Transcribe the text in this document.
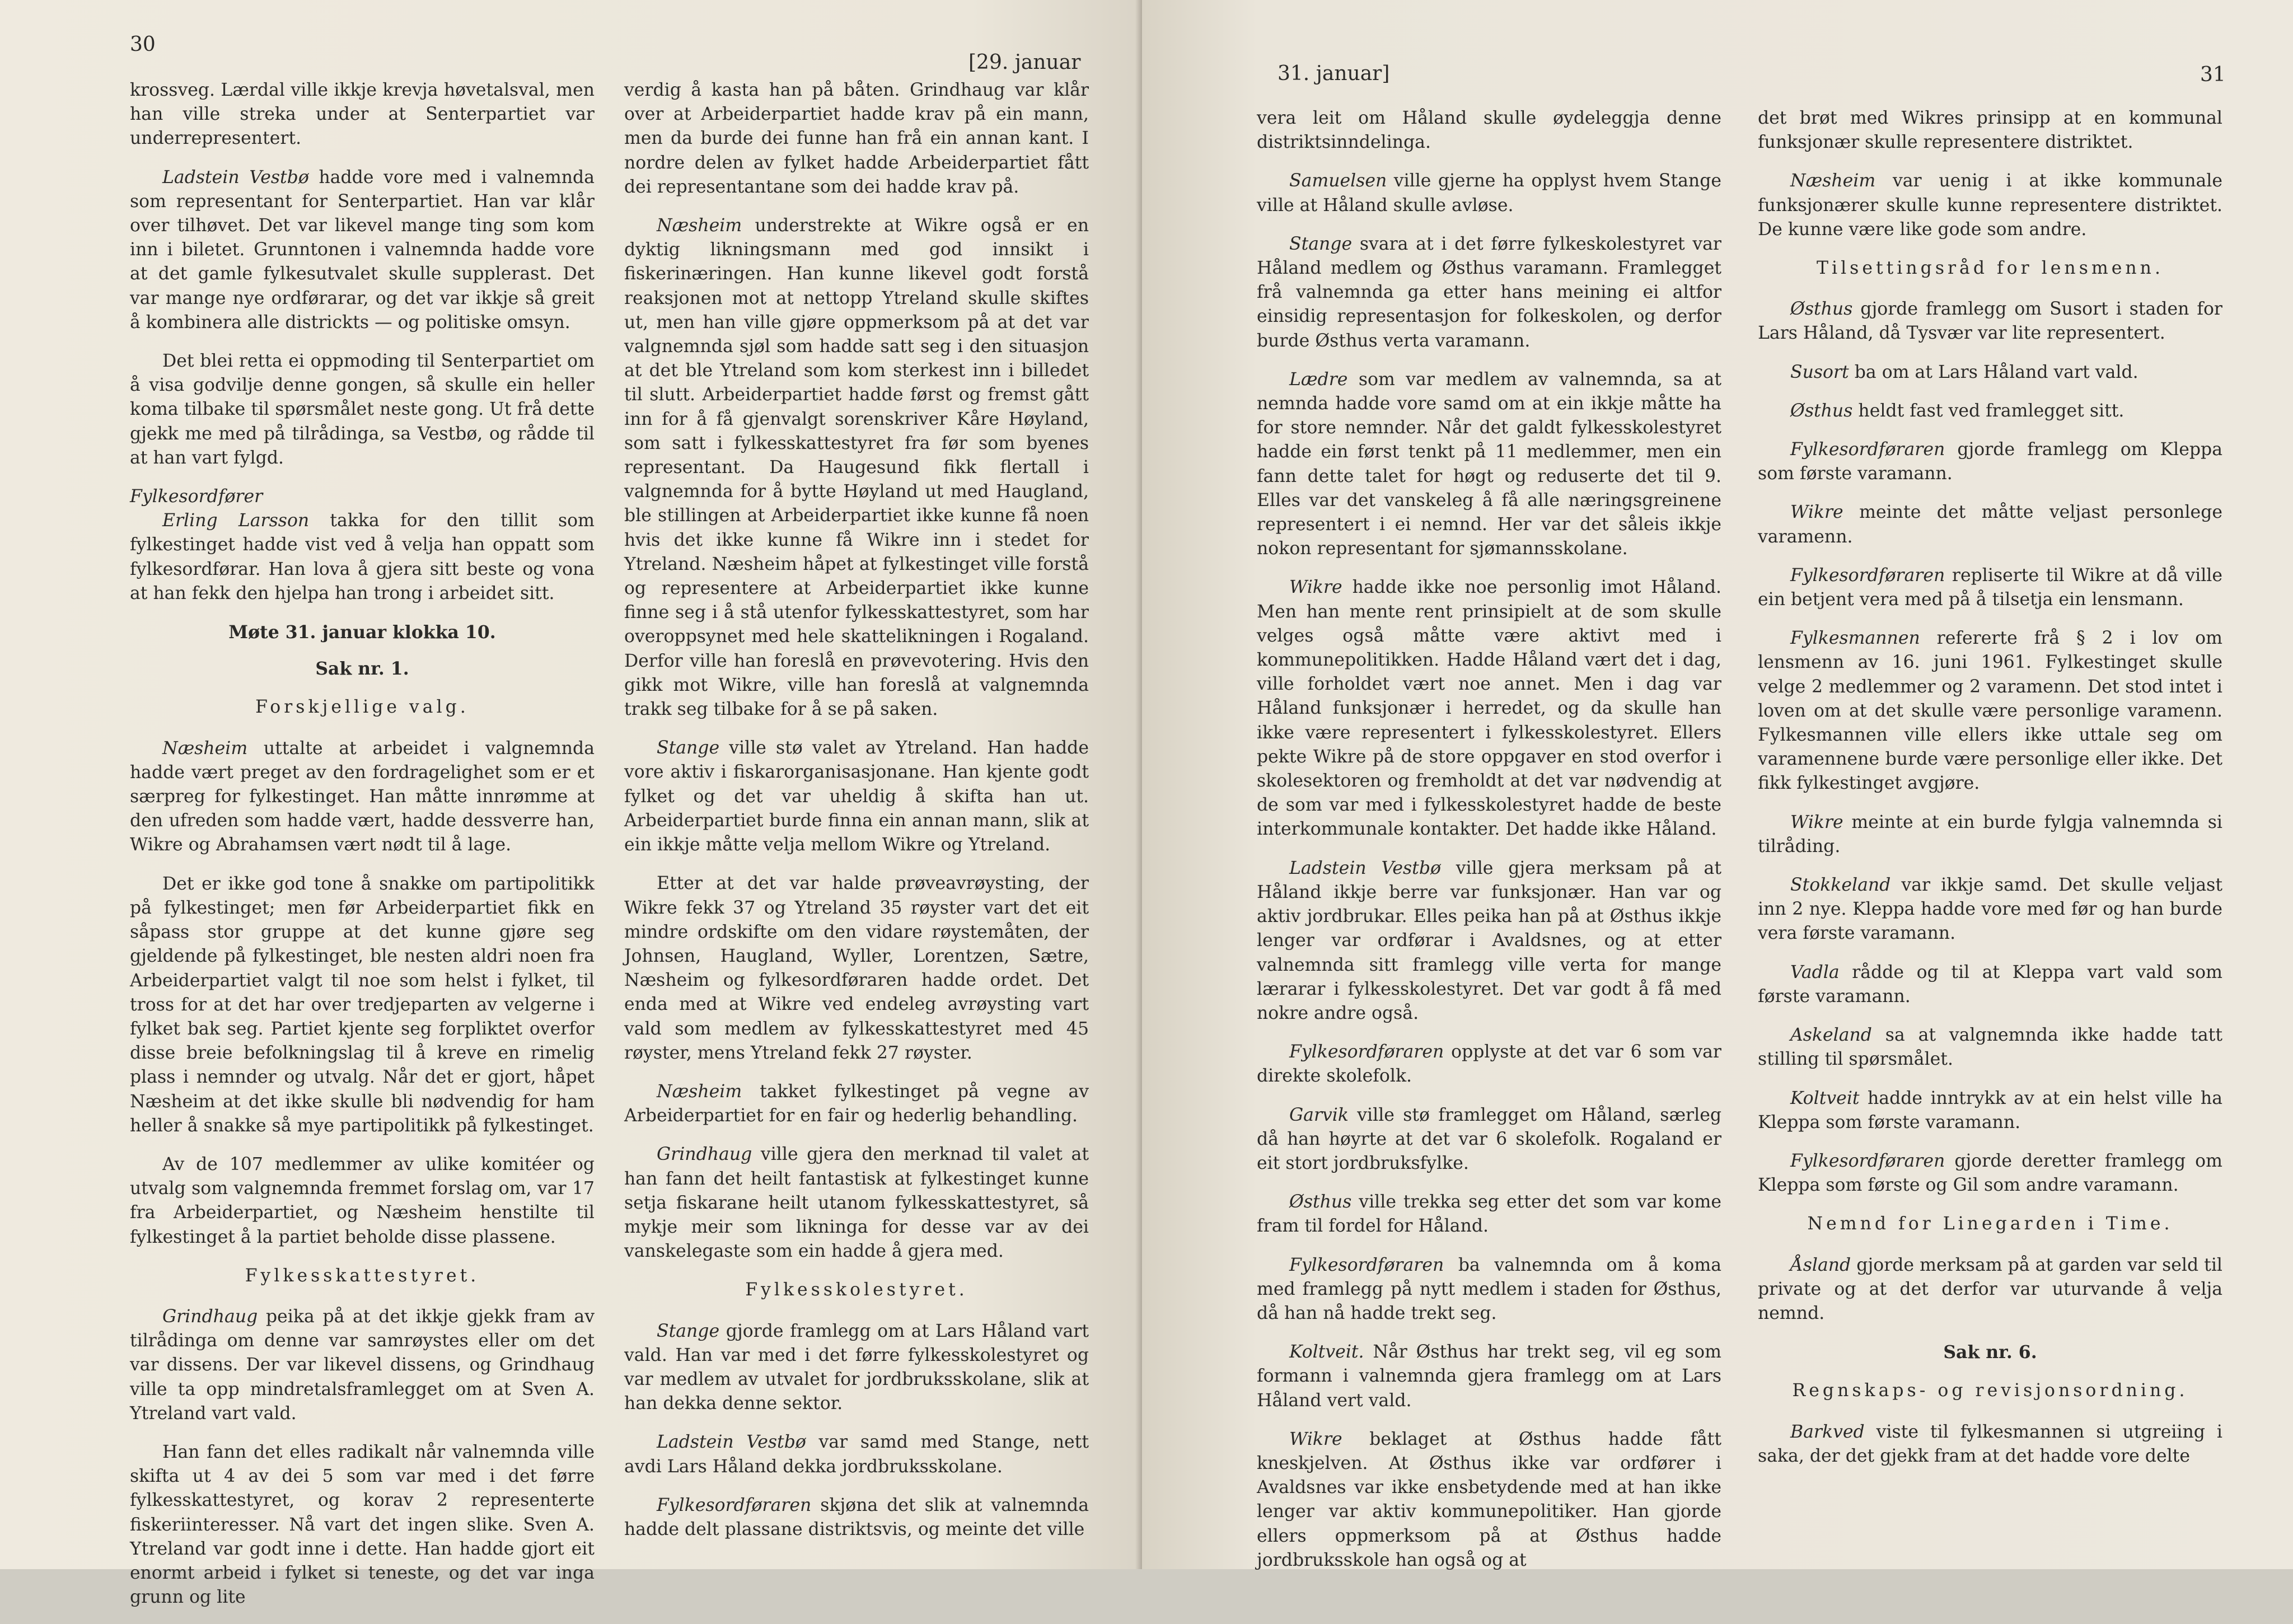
30
[29. januar

krossveg. Lærdal ville ikkje krevja høvetalsval, men han ville streka under at Senterpartiet var underrepresentert.

Ladstein Vestbø hadde vore med i valnemnda som representant for Senterpartiet. Han var klår over tilhøvet. Det var likevel mange ting som kom inn i biletet. Grunntonen i valnemnda hadde vore at det gamle fylkesutvalet skulle supplerast. Det var mange nye ordførarar, og det var ikkje så greit å kombinera alle districkts — og politiske omsyn.

Det blei retta ei oppmoding til Senterpartiet om å visa godvilje denne gongen, så skulle ein heller koma tilbake til spørsmålet neste gong. Ut frå dette gjekk me med på tilrådinga, sa Vestbø, og rådde til at han vart fylgd.

Fylkesordfører

Erling Larsson takka for den tillit som fylkestinget hadde vist ved å velja han oppatt som fylkesordførar. Han lova å gjera sitt beste og vona at han fekk den hjelpa han trong i arbeidet sitt.

Møte 31. januar klokka 10.
Sak nr. 1.
Forskjellige valg.

Næsheim uttalte at arbeidet i valgnemnda hadde vært preget av den fordragelighet som er et særpreg for fylkestinget. Han måtte innrømme at den ufreden som hadde vært, hadde dessverre han, Wikre og Abrahamsen vært nødt til å lage.

Det er ikke god tone å snakke om partipolitikk på fylkestinget; men før Arbeiderpartiet fikk en såpass stor gruppe at det kunne gjøre seg gjeldende på fylkestinget, ble nesten aldri noen fra Arbeiderpartiet valgt til noe som helst i fylket, til tross for at det har over tredjeparten av velgerne i fylket bak seg. Partiet kjente seg forpliktet overfor disse breie befolkningslag til å kreve en rimelig plass i nemnder og utvalg. Når det er gjort, håpet Næsheim at det ikke skulle bli nødvendig for ham heller å snakke så mye partipolitikk på fylkestinget.

Av de 107 medlemmer av ulike komitéer og utvalg som valgnemnda fremmet forslag om, var 17 fra Arbeiderpartiet, og Næsheim henstilte til fylkestinget å la partiet beholde disse plassene.

Fylkesskattestyret.

Grindhaug peika på at det ikkje gjekk fram av tilrådinga om denne var samrøystes eller om det var dissens. Der var likevel dissens, og Grindhaug ville ta opp mindretalsframlegget om at Sven A. Ytreland vart vald.

Han fann det elles radikalt når valnemnda ville skifta ut 4 av dei 5 som var med i det førre fylkesskattestyret, og korav 2 representerte fiskeriinteresser. Nå vart det ingen slike. Sven A. Ytreland var godt inne i dette. Han hadde gjort eit enormt arbeid i fylket si teneste, og det var inga grunn og lite

verdig å kasta han på båten. Grindhaug var klår over at Arbeiderpartiet hadde krav på ein mann, men da burde dei funne han frå ein annan kant. I nordre delen av fylket hadde Arbeiderpartiet fått dei representantane som dei hadde krav på.

Næsheim understrekte at Wikre også er en dyktig likningsmann med god innsikt i fiskerinæringen. Han kunne likevel godt forstå reaksjonen mot at nettopp Ytreland skulle skiftes ut, men han ville gjøre oppmerksom på at det var valgnemnda sjøl som hadde satt seg i den situasjon at det ble Ytreland som kom sterkest inn i billedet til slutt. Arbeiderpartiet hadde først og fremst gått inn for å få gjenvalgt sorenskriver Kåre Høyland, som satt i fylkesskattestyret fra før som byenes representant. Da Haugesund fikk flertall i valgnemnda for å bytte Høyland ut med Haugland, ble stillingen at Arbeiderpartiet ikke kunne få noen hvis det ikke kunne få Wikre inn i stedet for Ytreland. Næsheim håpet at fylkestinget ville forstå og representere at Arbeiderpartiet ikke kunne finne seg i å stå utenfor fylkesskattestyret, som har overoppsynet med hele skattelikningen i Rogaland. Derfor ville han foreslå en prøvevotering. Hvis den gikk mot Wikre, ville han foreslå at valgnemnda trakk seg tilbake for å se på saken.

Stange ville stø valet av Ytreland. Han hadde vore aktiv i fiskarorganisasjonane. Han kjente godt fylket og det var uheldig å skifta han ut. Arbeiderpartiet burde finna ein annan mann, slik at ein ikkje måtte velja mellom Wikre og Ytreland.

Etter at det var halde prøveavrøysting, der Wikre fekk 37 og Ytreland 35 røyster vart det eit mindre ordskifte om den vidare røystemåten, der Johnsen, Haugland, Wyller, Lorentzen, Sætre, Næsheim og fylkesordføraren hadde ordet. Det enda med at Wikre ved endeleg avrøysting vart vald som medlem av fylkesskattestyret med 45 røyster, mens Ytreland fekk 27 røyster.

Næsheim takket fylkestinget på vegne av Arbeiderpartiet for en fair og hederlig behandling.

Grindhaug ville gjera den merknad til valet at han fann det heilt fantastisk at fylkestinget kunne setja fiskarane heilt utanom fylkesskattestyret, så mykje meir som likninga for desse var av dei vanskelegaste som ein hadde å gjera med.

Fylkesskolestyret.

Stange gjorde framlegg om at Lars Håland vart vald. Han var med i det førre fylkesskolestyret og var medlem av utvalet for jordbruksskolane, slik at han dekka denne sektor.

Ladstein Vestbø var samd med Stange, nett avdi Lars Håland dekka jordbruksskolane.

Fylkesordføraren skjøna det slik at valnemnda hadde delt plassane distriktsvis, og meinte det ville

31. januar]	31

vera leit om Håland skulle øydeleggja denne distriktsinndelinga.

Samuelsen ville gjerne ha opplyst hvem Stange ville at Håland skulle avløse.

Stange svara at i det førre fylkeskolestyret var Håland medlem og Østhus varamann. Framlegget frå valnemnda ga etter hans meining ei altfor einsidig representasjon for folkeskolen, og derfor burde Østhus verta varamann.

Lædre som var medlem av valnemnda, sa at nemnda hadde vore samd om at ein ikkje måtte ha for store nemnder. Når det galdt fylkesskolestyret hadde ein først tenkt på 11 medlemmer, men ein fann dette talet for høgt og reduserte det til 9. Elles var det vanskeleg å få alle næringsgreinene representert i ei nemnd. Her var det såleis ikkje nokon representant for sjømannsskolane.

Wikre hadde ikke noe personlig imot Håland. Men han mente rent prinsipielt at de som skulle velges også måtte være aktivt med i kommunepolitikken. Hadde Håland vært det i dag, ville forholdet vært noe annet. Men i dag var Håland funksjonær i herredet, og da skulle han ikke være representert i fylkesskolestyret. Ellers pekte Wikre på de store oppgaver en stod overfor i skolesektoren og fremholdt at det var nødvendig at de som var med i fylkesskolestyret hadde de beste interkommunale kontakter. Det hadde ikke Håland.

Ladstein Vestbø ville gjera merksam på at Håland ikkje berre var funksjonær. Han var og aktiv jordbrukar. Elles peika han på at Østhus ikkje lenger var ordførar i Avaldsnes, og at etter valnemnda sitt framlegg ville verta for mange lærarar i fylkesskolestyret. Det var godt å få med nokre andre også.

Fylkesordføraren opplyste at det var 6 som var direkte skolefolk.

Garvik ville stø framlegget om Håland, særleg då han høyrte at det var 6 skolefolk. Rogaland er eit stort jordbruksfylke.

Østhus ville trekka seg etter det som var kome fram til fordel for Håland.

Fylkesordføraren ba valnemnda om å koma med framlegg på nytt medlem i staden for Østhus, då han nå hadde trekt seg.

Koltveit. Når Østhus har trekt seg, vil eg som formann i valnemnda gjera framlegg om at Lars Håland vert vald.

Wikre beklaget at Østhus hadde fått kneskjelven. At Østhus ikke var ordfører i Avaldsnes var ikke ensbetydende med at han ikke lenger var aktiv kommunepolitiker. Han gjorde ellers oppmerksom på at Østhus hadde jordbruksskole han også og at

det brøt med Wikres prinsipp at en kommunal funksjonær skulle representere distriktet.

Næsheim var uenig i at ikke kommunale funksjonærer skulle kunne representere distriktet. De kunne være like gode som andre.

Tilsettingsråd for lensmenn.

Østhus gjorde framlegg om Susort i staden for Lars Håland, då Tysvær var lite representert.

Susort ba om at Lars Håland vart vald.

Østhus heldt fast ved framlegget sitt.

Fylkesordføraren gjorde framlegg om Kleppa som første varamann.

Wikre meinte det måtte veljast personlege varamenn.

Fylkesordføraren repliserte til Wikre at då ville ein betjent vera med på å tilsetja ein lensmann.

Fylkesmannen refererte frå § 2 i lov om lensmenn av 16. juni 1961. Fylkestinget skulle velge 2 medlemmer og 2 varamenn. Det stod intet i loven om at det skulle være personlige varamenn. Fylkesmannen ville ellers ikke uttale seg om varamennene burde være personlige eller ikke. Det fikk fylkestinget avgjøre.

Wikre meinte at ein burde fylgja valnemnda si tilråding.

Stokkeland var ikkje samd. Det skulle veljast inn 2 nye. Kleppa hadde vore med før og han burde vera første varamann.

Vadla rådde og til at Kleppa vart vald som første varamann.

Askeland sa at valgnemnda ikke hadde tatt stilling til spørsmålet.

Koltveit hadde inntrykk av at ein helst ville ha Kleppa som første varamann.

Fylkesordføraren gjorde deretter framlegg om Kleppa som første og Gil som andre varamann.

Nemnd for Linegarden i Time.

Åsland gjorde merksam på at garden var seld til private og at det derfor var uturvande å velja nemnd.

Sak nr. 6.
Regnskaps- og revisjonsordning.

Barkved viste til fylkesmannen si utgreiing i saka, der det gjekk fram at det hadde vore delte
